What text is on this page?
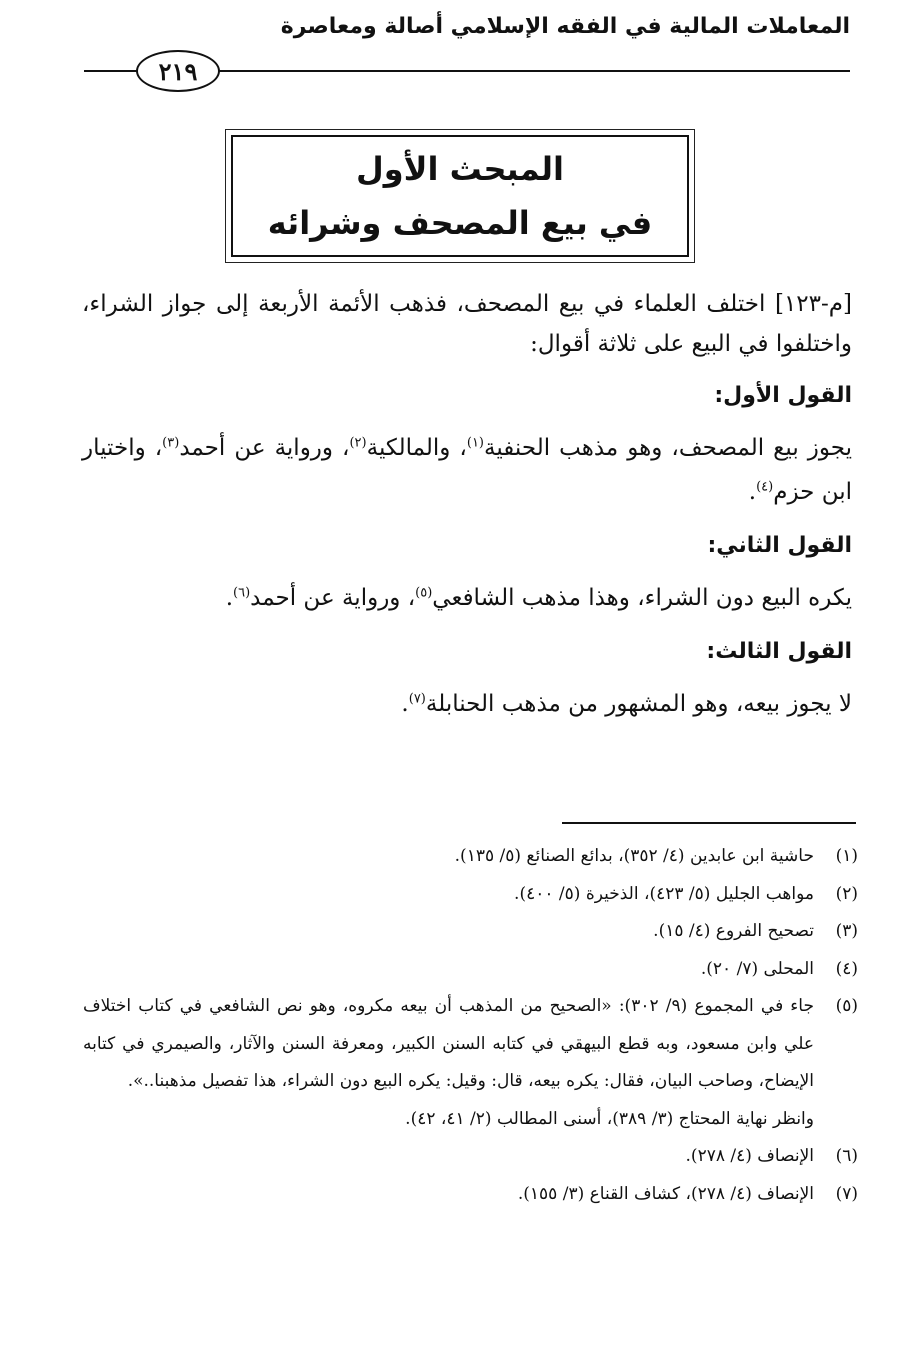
المعاملات المالية في الفقه الإسلامي أصالة ومعاصرة
٢١٩
المبحث الأول
في بيع المصحف وشرائه

[م-١٢٣] اختلف العلماء في بيع المصحف، فذهب الأئمة الأربعة إلى جواز الشراء، واختلفوا في البيع على ثلاثة أقوال:

القول الأول:

يجوز بيع المصحف، وهو مذهب الحنفية$^{(١)}$، والمالكية$^{(٢)}$، ورواية عن أحمد$^{(٣)}$، واختيار ابن حزم$^{(٤)}$.

القول الثاني:

يكره البيع دون الشراء، وهذا مذهب الشافعي$^{(٥)}$، ورواية عن أحمد$^{(٦)}$.

القول الثالث:

لا يجوز بيعه، وهو المشهور من مذهب الحنابلة$^{(٧)}$.

(١)
حاشية ابن عابدين (٤/ ٣٥٢)، بدائع الصنائع (٥/ ١٣٥).
(٢)
مواهب الجليل (٥/ ٤٢٣)، الذخيرة (٥/ ٤٠٠).
(٣)
تصحيح الفروع (٤/ ١٥).
(٤)
المحلى (٧/ ٢٠).
(٥)
جاء في المجموع (٩/ ٣٠٢): «الصحيح من المذهب أن بيعه مكروه، وهو نص الشافعي في كتاب اختلاف علي وابن مسعود، وبه قطع البيهقي في كتابه السنن الكبير، ومعرفة السنن والآثار، والصيمري في كتابه الإيضاح، وصاحب البيان، فقال: يكره بيعه، قال: وقيل: يكره البيع دون الشراء، هذا تفصيل مذهبنا..».
وانظر نهاية المحتاج (٣/ ٣٨٩)، أسنى المطالب (٢/ ٤١، ٤٢).
(٦)
الإنصاف (٤/ ٢٧٨).
(٧)
الإنصاف (٤/ ٢٧٨)، كشاف القناع (٣/ ١٥٥).
